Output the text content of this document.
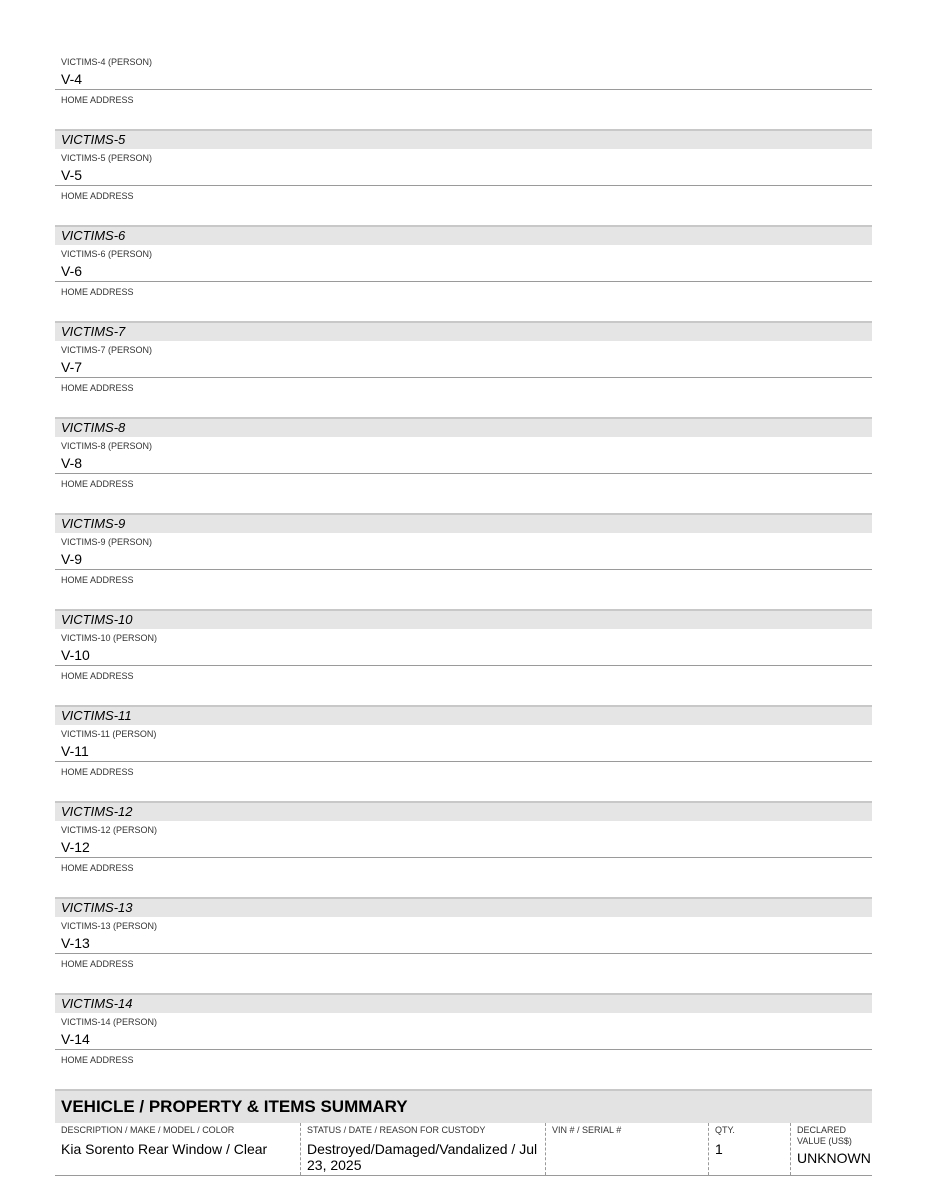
VICTIMS-4 (PERSON)
V-4
HOME ADDRESS
VICTIMS-5
VICTIMS-5 (PERSON)
V-5
HOME ADDRESS
VICTIMS-6
VICTIMS-6 (PERSON)
V-6
HOME ADDRESS
VICTIMS-7
VICTIMS-7 (PERSON)
V-7
HOME ADDRESS
VICTIMS-8
VICTIMS-8 (PERSON)
V-8
HOME ADDRESS
VICTIMS-9
VICTIMS-9 (PERSON)
V-9
HOME ADDRESS
VICTIMS-10
VICTIMS-10 (PERSON)
V-10
HOME ADDRESS
VICTIMS-11
VICTIMS-11 (PERSON)
V-11
HOME ADDRESS
VICTIMS-12
VICTIMS-12 (PERSON)
V-12
HOME ADDRESS
VICTIMS-13
VICTIMS-13 (PERSON)
V-13
HOME ADDRESS
VICTIMS-14
VICTIMS-14 (PERSON)
V-14
HOME ADDRESS
VEHICLE / PROPERTY & ITEMS SUMMARY
DESCRIPTION / MAKE / MODEL / COLOR
Kia Sorento Rear Window / Clear
STATUS / DATE / REASON FOR CUSTODY
Destroyed/Damaged/Vandalized / Jul 23, 2025
VIN # / SERIAL #	QTY.
1
DECLARED VALUE (US$)
UNKNOWN
